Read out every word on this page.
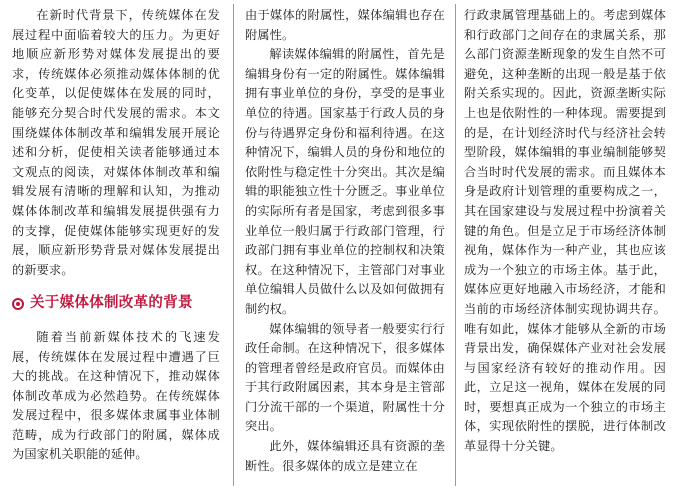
在新时代背景下，传统媒体在发展过程中面临着较大的压力。为更好地顺应新形势对媒体发展提出的要求，传统媒体必须推动媒体体制的优化变革，以促使媒体在发展的同时，能够充分契合时代发展的需求。本文围绕媒体体制改革和编辑发展开展论述和分析，促使相关读者能够通过本文观点的阅读，对媒体体制改革和编辑发展有清晰的理解和认知，为推动媒体体制改革和编辑发展提供强有力的支撑，促使媒体能够实现更好的发展，顺应新形势背景对媒体发展提出的新要求。

关于媒体体制改革的背景

随着当前新媒体技术的飞速发展，传统媒体在发展过程中遭遇了巨大的挑战。在这种情况下，推动媒体体制改革成为必然趋势。在传统媒体发展过程中，很多媒体隶属事业体制范畴，成为行政部门的附属，媒体成为国家机关职能的延伸。

由于媒体的附属性，媒体编辑也存在附属性。

解读媒体编辑的附属性，首先是编辑身份有一定的附属性。媒体编辑拥有事业单位的身份，享受的是事业单位的待遇。国家基于行政人员的身份与待遇界定身份和福利待遇。在这种情况下，编辑人员的身份和地位的依附性与稳定性十分突出。其次是编辑的职能独立性十分匮乏。事业单位的实际所有者是国家，考虑到很多事业单位一般归属于行政部门管理，行政部门拥有事业单位的控制权和决策权。在这种情况下，主管部门对事业单位编辑人员做什么以及如何做拥有制约权。

媒体编辑的领导者一般要实行行政任命制。在这种情况下，很多媒体的管理者曾经是政府官员。而媒体由于其行政附属因素，其本身是主管部门分流干部的一个渠道，附属性十分突出。

此外，媒体编辑还具有资源的垄断性。很多媒体的成立是建立在

行政隶属管理基础上的。考虑到媒体和行政部门之间存在的隶属关系，那么部门资源垄断现象的发生自然不可避免，这种垄断的出现一般是基于依附关系实现的。因此，资源垄断实际上也是依附性的一种体现。需要提到的是，在计划经济时代与经济社会转型阶段，媒体编辑的事业编制能够契合当时时代发展的需求。而且媒体本身是政府计划管理的重要构成之一，其在国家建设与发展过程中扮演着关键的角色。但是立足于市场经济体制视角，媒体作为一种产业，其也应该成为一个独立的市场主体。基于此，媒体应更好地融入市场经济，才能和当前的市场经济体制实现协调共存。唯有如此，媒体才能够从全新的市场背景出发，确保媒体产业对社会发展与国家经济有较好的推动作用。因此，立足这一视角，媒体在发展的同时，要想真正成为一个独立的市场主体，实现依附性的摆脱，进行体制改革显得十分关键。
